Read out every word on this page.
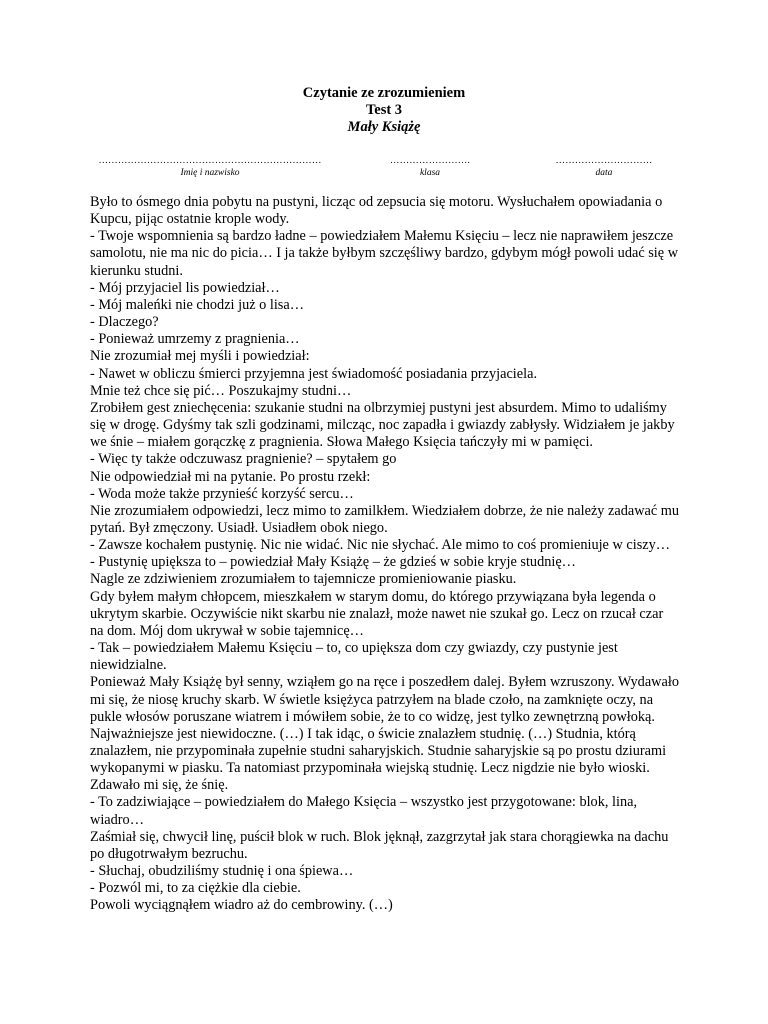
Czytanie ze zrozumieniem
Test 3
Mały Książę
……………………………………………………………
Imię i nazwisko
…………………….
klasa
…………………………
data

Było to ósmego dnia pobytu na pustyni, licząc od zepsucia się motoru. Wysłuchałem opowiadania o Kupcu, pijąc ostatnie krople wody.

- Twoje wspomnienia są bardzo ładne – powiedziałem Małemu Księciu – lecz nie naprawiłem jeszcze samolotu, nie ma nic do picia… I ja także byłbym szczęśliwy bardzo, gdybym mógł powoli udać się w kierunku studni.

- Mój przyjaciel lis powiedział…

- Mój maleńki nie chodzi już o lisa…

- Dlaczego?

- Ponieważ umrzemy z pragnienia…

Nie zrozumiał mej myśli i powiedział:

- Nawet w obliczu śmierci przyjemna jest świadomość posiadania przyjaciela.

Mnie też chce się pić… Poszukajmy studni…

Zrobiłem gest zniechęcenia: szukanie studni na olbrzymiej pustyni jest absurdem. Mimo to udaliśmy się w drogę. Gdyśmy tak szli godzinami, milcząc, noc zapadła i gwiazdy zabłysły. Widziałem je jakby we śnie – miałem gorączkę z pragnienia. Słowa Małego Księcia tańczyły mi w pamięci.

- Więc ty także odczuwasz pragnienie? – spytałem go

Nie odpowiedział mi na pytanie. Po prostu rzekł:

- Woda może także przynieść korzyść sercu…

Nie zrozumiałem odpowiedzi, lecz mimo to zamilkłem. Wiedziałem dobrze, że nie należy zadawać mu pytań. Był zmęczony. Usiadł. Usiadłem obok niego.

- Zawsze kochałem pustynię. Nic nie widać. Nic nie słychać. Ale mimo to coś promieniuje w ciszy…

- Pustynię upiększa to – powiedział Mały Książę – że gdzieś w sobie kryje studnię…

Nagle ze zdziwieniem zrozumiałem to tajemnicze promieniowanie piasku.

Gdy byłem małym chłopcem, mieszkałem w starym domu, do którego przywiązana była legenda o ukrytym skarbie. Oczywiście nikt skarbu nie znalazł, może nawet nie szukał go. Lecz on rzucał czar na dom. Mój dom ukrywał w sobie tajemnicę…

- Tak – powiedziałem Małemu Księciu – to, co upiększa dom czy gwiazdy, czy pustynie jest niewidzialne.

Ponieważ Mały Książę był senny, wziąłem go na ręce i poszedłem dalej. Byłem wzruszony. Wydawało mi się, że niosę kruchy skarb. W świetle księżyca patrzyłem na blade czoło, na zamknięte oczy, na pukle włosów poruszane wiatrem i mówiłem sobie, że to co widzę, jest tylko zewnętrzną powłoką. Najważniejsze jest niewidoczne. (…) I tak idąc, o świcie znalazłem studnię. (…) Studnia, którą znalazłem, nie przypominała zupełnie studni saharyjskich. Studnie saharyjskie są po prostu dziurami wykopanymi w piasku. Ta natomiast przypominała wiejską studnię. Lecz nigdzie nie było wioski. Zdawało mi się, że śnię.

- To zadziwiające – powiedziałem do Małego Księcia – wszystko jest przygotowane: blok, lina, wiadro…

Zaśmiał się, chwycił linę, puścił blok w ruch. Blok jęknął, zazgrzytał jak stara chorągiewka na dachu po długotrwałym bezruchu.

- Słuchaj, obudziliśmy studnię i ona śpiewa…

- Pozwól mi, to za ciężkie dla ciebie.

Powoli wyciągnąłem wiadro aż do cembrowiny. (…)
